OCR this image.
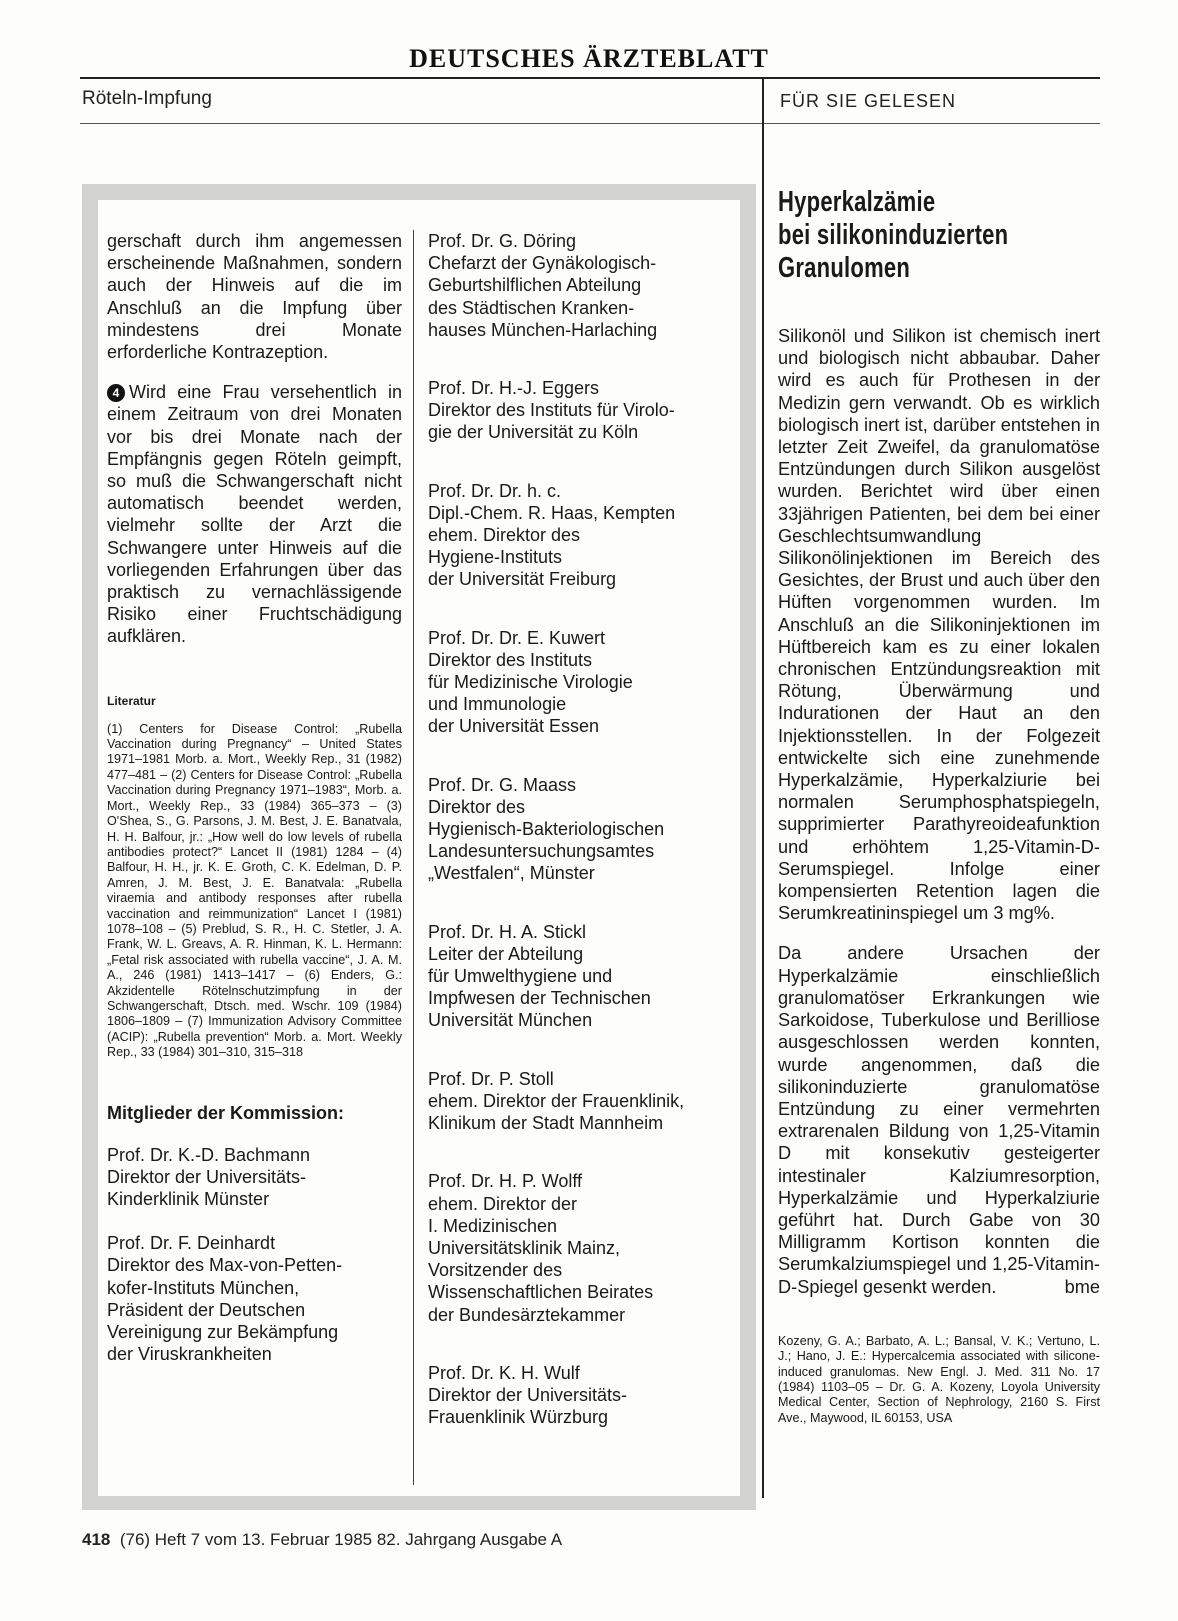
DEUTSCHES ÄRZTEBLATT
Röteln-Impfung	FÜR SIE GELESEN
gerschaft durch ihm angemessen erscheinende Maßnahmen, sondern auch der Hinweis auf die im Anschluß an die Impfung über mindestens drei Monate erforderliche Kontrazeption.
4 Wird eine Frau versehentlich in einem Zeitraum von drei Monaten vor bis drei Monate nach der Empfängnis gegen Röteln geimpft, so muß die Schwangerschaft nicht automatisch beendet werden, vielmehr sollte der Arzt die Schwangere unter Hinweis auf die vorliegenden Erfahrungen über das praktisch zu vernachlässigende Risiko einer Fruchtschädigung aufklären.
Literatur
(1) Centers for Disease Control: „Rubella Vaccination during Pregnancy“ – United States 1971–1981 Morb. a. Mort., Weekly Rep., 31 (1982) 477–481 – (2) Centers for Disease Control: „Rubella Vaccination during Pregnancy 1971–1983“, Morb. a. Mort., Weekly Rep., 33 (1984) 365–373 – (3) O'Shea, S., G. Parsons, J. M. Best, J. E. Banatvala, H. H. Balfour, jr.: „How well do low levels of rubella antibodies protect?“ Lancet II (1981) 1284 – (4) Balfour, H. H., jr. K. E. Groth, C. K. Edelman, D. P. Amren, J. M. Best, J. E. Banatvala: „Rubella viraemia and antibody responses after rubella vaccination and reimmunization“ Lancet I (1981) 1078–108 – (5) Preblud, S. R., H. C. Stetler, J. A. Frank, W. L. Greavs, A. R. Hinman, K. L. Hermann: „Fetal risk associated with rubella vaccine“, J. A. M. A., 246 (1981) 1413–1417 – (6) Enders, G.: Akzidentelle Rötelnschutzimpfung in der Schwangerschaft, Dtsch. med. Wschr. 109 (1984) 1806–1809 – (7) Immunization Advisory Committee (ACIP): „Rubella prevention“ Morb. a. Mort. Weekly Rep., 33 (1984) 301–310, 315–318
Mitglieder der Kommission:
Prof. Dr. K.-D. Bachmann
Direktor der Universitäts-
Kinderklinik Münster
Prof. Dr. F. Deinhardt
Direktor des Max-von-Petten-
kofer-Instituts München,
Präsident der Deutschen
Vereinigung zur Bekämpfung
der Viruskrankheiten
Prof. Dr. G. Döring
Chefarzt der Gynäkologisch-
Geburtshilflichen Abteilung
des Städtischen Kranken-
hauses München-Harlaching
Prof. Dr. H.-J. Eggers
Direktor des Instituts für Virolo-
gie der Universität zu Köln
Prof. Dr. Dr. h. c.
Dipl.-Chem. R. Haas, Kempten
ehem. Direktor des
Hygiene-Instituts
der Universität Freiburg
Prof. Dr. Dr. E. Kuwert
Direktor des Instituts
für Medizinische Virologie
und Immunologie
der Universität Essen
Prof. Dr. G. Maass
Direktor des
Hygienisch-Bakteriologischen
Landesuntersuchungsamtes
„Westfalen“, Münster
Prof. Dr. H. A. Stickl
Leiter der Abteilung
für Umwelthygiene und
Impfwesen der Technischen
Universität München
Prof. Dr. P. Stoll
ehem. Direktor der Frauenklinik,
Klinikum der Stadt Mannheim
Prof. Dr. H. P. Wolff
ehem. Direktor der
I. Medizinischen
Universitätsklinik Mainz,
Vorsitzender des
Wissenschaftlichen Beirates
der Bundesärztekammer
Prof. Dr. K. H. Wulf
Direktor der Universitäts-
Frauenklinik Würzburg
Hyperkalzämie
bei silikoninduzierten
Granulomen
Silikonöl und Silikon ist chemisch inert und biologisch nicht abbaubar. Daher wird es auch für Prothesen in der Medizin gern verwandt. Ob es wirklich biologisch inert ist, darüber entstehen in letzter Zeit Zweifel, da granulomatöse Entzündungen durch Silikon ausgelöst wurden. Berichtet wird über einen 33jährigen Patienten, bei dem bei einer Geschlechtsumwandlung Silikonölinjektionen im Bereich des Gesichtes, der Brust und auch über den Hüften vorgenommen wurden. Im Anschluß an die Silikoninjektionen im Hüftbereich kam es zu einer lokalen chronischen Entzündungsreaktion mit Rötung, Überwärmung und Indurationen der Haut an den Injektionsstellen. In der Folgezeit entwickelte sich eine zunehmende Hyperkalzämie, Hyperkalziurie bei normalen Serumphosphatspiegeln, supprimierter Parathyreoideafunktion und erhöhtem 1,25-Vitamin-D-Serumspiegel. Infolge einer kompensierten Retention lagen die Serumkreatininspiegel um 3 mg%.
Da andere Ursachen der Hyperkalzämie einschließlich granulomatöser Erkrankungen wie Sarkoidose, Tuberkulose und Berilliose ausgeschlossen werden konnten, wurde angenommen, daß die silikoninduzierte granulomatöse Entzündung zu einer vermehrten extrarenalen Bildung von 1,25-Vitamin D mit konsekutiv gesteigerter intestinaler Kalziumresorption, Hyperkalzämie und Hyperkalziurie geführt hat. Durch Gabe von 30 Milligramm Kortison konnten die Serumkalziumspiegel und 1,25-Vitamin-D-Spiegel gesenkt werden.	bme
Kozeny, G. A.; Barbato, A. L.; Bansal, V. K.; Vertuno, L. J.; Hano, J. E.: Hypercalcemia associated with silicone-induced granulomas. New Engl. J. Med. 311 No. 17 (1984) 1103–05 – Dr. G. A. Kozeny, Loyola University Medical Center, Section of Nephrology, 2160 S. First Ave., Maywood, IL 60153, USA
418 (76) Heft 7 vom 13. Februar 1985 82. Jahrgang Ausgabe A
